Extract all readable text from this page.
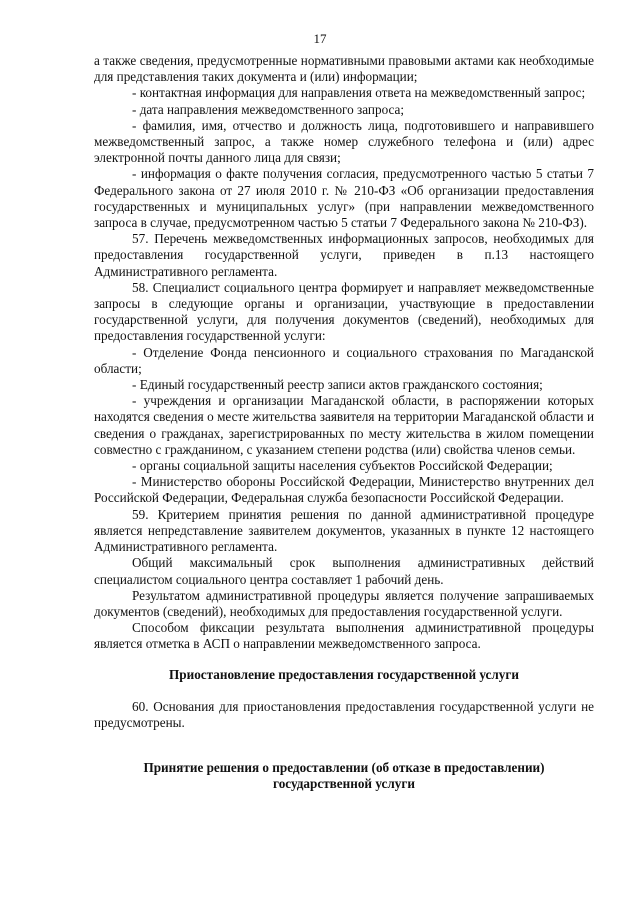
17

а также сведения, предусмотренные нормативными правовыми актами как необходимые для представления таких документа и (или) информации;

- контактная информация для направления ответа на межведомственный запрос;

- дата направления межведомственного запроса;

- фамилия, имя, отчество и должность лица, подготовившего и направившего межведомственный запрос, а также номер служебного телефона и (или) адрес электронной почты данного лица для связи;

- информация о факте получения согласия, предусмотренного частью 5 статьи 7 Федерального закона от 27 июля 2010 г. № 210-ФЗ «Об организации предоставления государственных и муниципальных услуг» (при направлении межведомственного запроса в случае, предусмотренном частью 5 статьи 7 Федерального закона № 210-ФЗ).

57. Перечень межведомственных информационных запросов, необходимых для предоставления государственной услуги, приведен в п.13 настоящего Административного регламента.

58. Специалист социального центра формирует и направляет межведомственные запросы в следующие органы и организации, участвующие в предоставлении государственной услуги, для получения документов (сведений), необходимых для предоставления государственной услуги:

- Отделение Фонда пенсионного и социального страхования по Магаданской области;

- Единый государственный реестр записи актов гражданского состояния;

- учреждения и организации Магаданской области, в распоряжении которых находятся сведения о месте жительства заявителя на территории Магаданской области и сведения о гражданах, зарегистрированных по месту жительства в жилом помещении совместно с гражданином, с указанием степени родства (или) свойства членов семьи.

- органы социальной защиты населения субъектов Российской Федерации;

- Министерство обороны Российской Федерации, Министерство внутренних дел Российской Федерации, Федеральная служба безопасности Российской Федерации.

59. Критерием принятия решения по данной административной процедуре является непредставление заявителем документов, указанных в пункте 12 настоящего Административного регламента.

Общий максимальный срок выполнения административных действий специалистом социального центра составляет 1 рабочий день.

Результатом административной процедуры является получение запрашиваемых документов (сведений), необходимых для предоставления государственной услуги.

Способом фиксации результата выполнения административной процедуры является отметка в АСП о направлении межведомственного запроса.

Приостановление предоставления государственной услуги

60. Основания для приостановления предоставления государственной услуги не предусмотрены.

Принятие решения о предоставлении (об отказе в предоставлении)
государственной услуги
